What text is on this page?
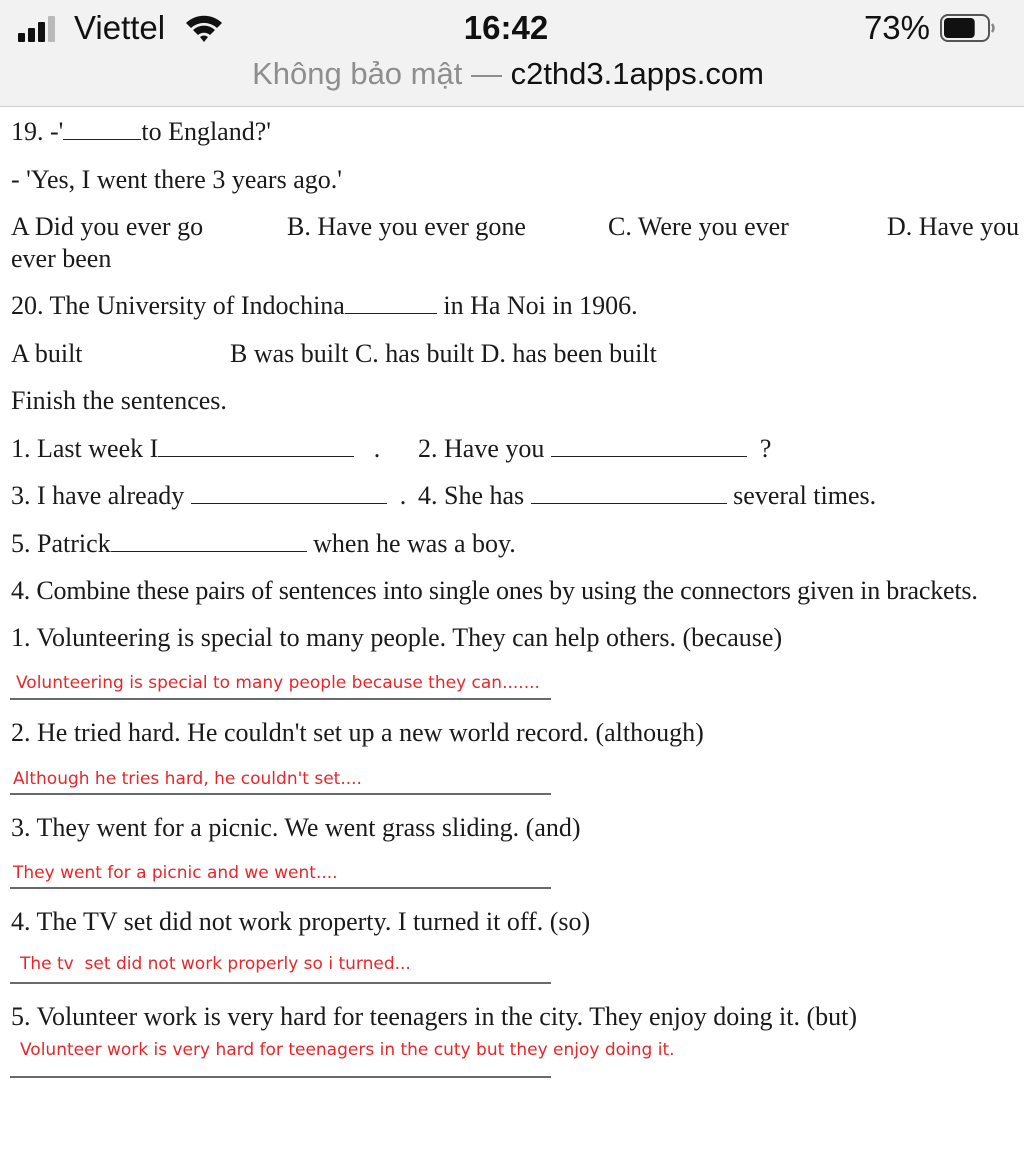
Viettel	16:42	73%
Không bảo mật — c2thd3.1apps.com
19. -'	to England?'
- 'Yes, I went there 3 years ago.'
A Did you ever go	B. Have you ever gone	C. Were you ever	D. Have you
ever been
20. The University of Indochina	in Ha Noi in 1906.
A built	B was built C. has built D. has been built
Finish the sentences.
1. Last week I	. 2. Have you	?
3. I have already	. 4. She has	several times.
5. Patrick	when he was a boy.
4. Combine these pairs of sentences into single ones by using the connectors given in brackets.
1. Volunteering is special to many people. They can help others. (because)
Volunteering is special to many people because they can.......
2. He tried hard. He couldn't set up a new world record. (although)
Although he tries hard, he couldn't set....
3. They went for a picnic. We went grass sliding. (and)
They went for a picnic and we went....
4. The TV set did not work property. I turned it off. (so)
The tv  set did not work properly so i turned...
5. Volunteer work is very hard for teenagers in the city. They enjoy doing it. (but)
Volunteer work is very hard for teenagers in the cuty but they enjoy doing it.
